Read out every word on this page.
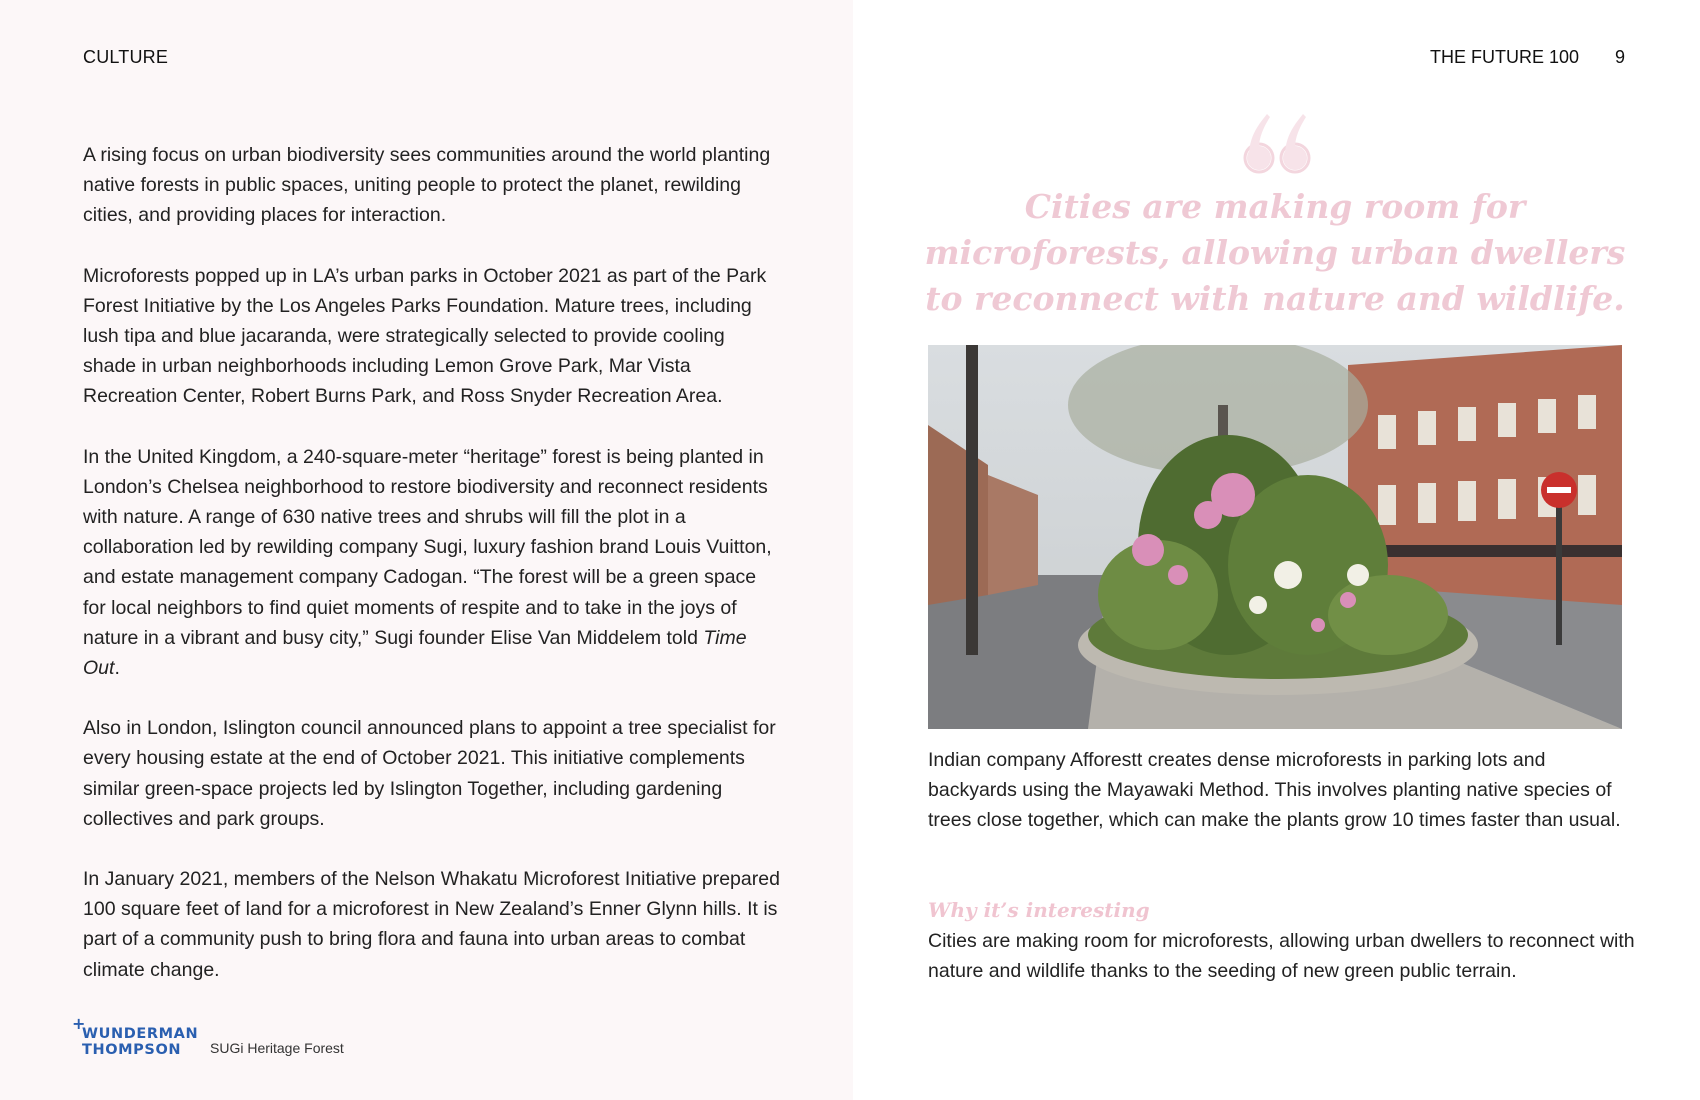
CULTURE

A rising focus on urban biodiversity sees communities around the world planting native forests in public spaces, uniting people to protect the planet, rewilding cities, and providing places for interaction.

Microforests popped up in LA’s urban parks in October 2021 as part of the Park Forest Initiative by the Los Angeles Parks Foundation. Mature trees, including lush tipa and blue jacaranda, were strategically selected to provide cooling shade in urban neighborhoods including Lemon Grove Park, Mar Vista Recreation Center, Robert Burns Park, and Ross Snyder Recreation Area.

In the United Kingdom, a 240-square-meter “heritage” forest is being planted in London’s Chelsea neighborhood to restore biodiversity and reconnect residents with nature. A range of 630 native trees and shrubs will fill the plot in a collaboration led by rewilding company Sugi, luxury fashion brand Louis Vuitton, and estate management company Cadogan. “The forest will be a green space for local neighbors to find quiet moments of respite and to take in the joys of nature in a vibrant and busy city,” Sugi founder Elise Van Middelem told Time Out.

Also in London, Islington council announced plans to appoint a tree specialist for every housing estate at the end of October 2021. This initiative complements similar green-space projects led by Islington Together, including gardening collectives and park groups.

In January 2021, members of the Nelson Whakatu Microforest Initiative prepared 100 square feet of land for a microforest in New Zealand’s Enner Glynn hills. It is part of a community push to bring flora and fauna into urban areas to combat climate change.

+
WUNDERMAN
THOMPSON SUGi Heritage Forest
THE FUTURE 100 9
Cities are making room for microforests, allowing urban dwellers to reconnect with nature and wildlife.
Indian company Afforestt creates dense microforests in parking lots and backyards using the Mayawaki Method. This involves planting native species of trees close together, which can make the plants grow 10 times faster than usual.
Why it’s interesting
Cities are making room for microforests, allowing urban dwellers to reconnect with nature and wildlife thanks to the seeding of new green public terrain.
